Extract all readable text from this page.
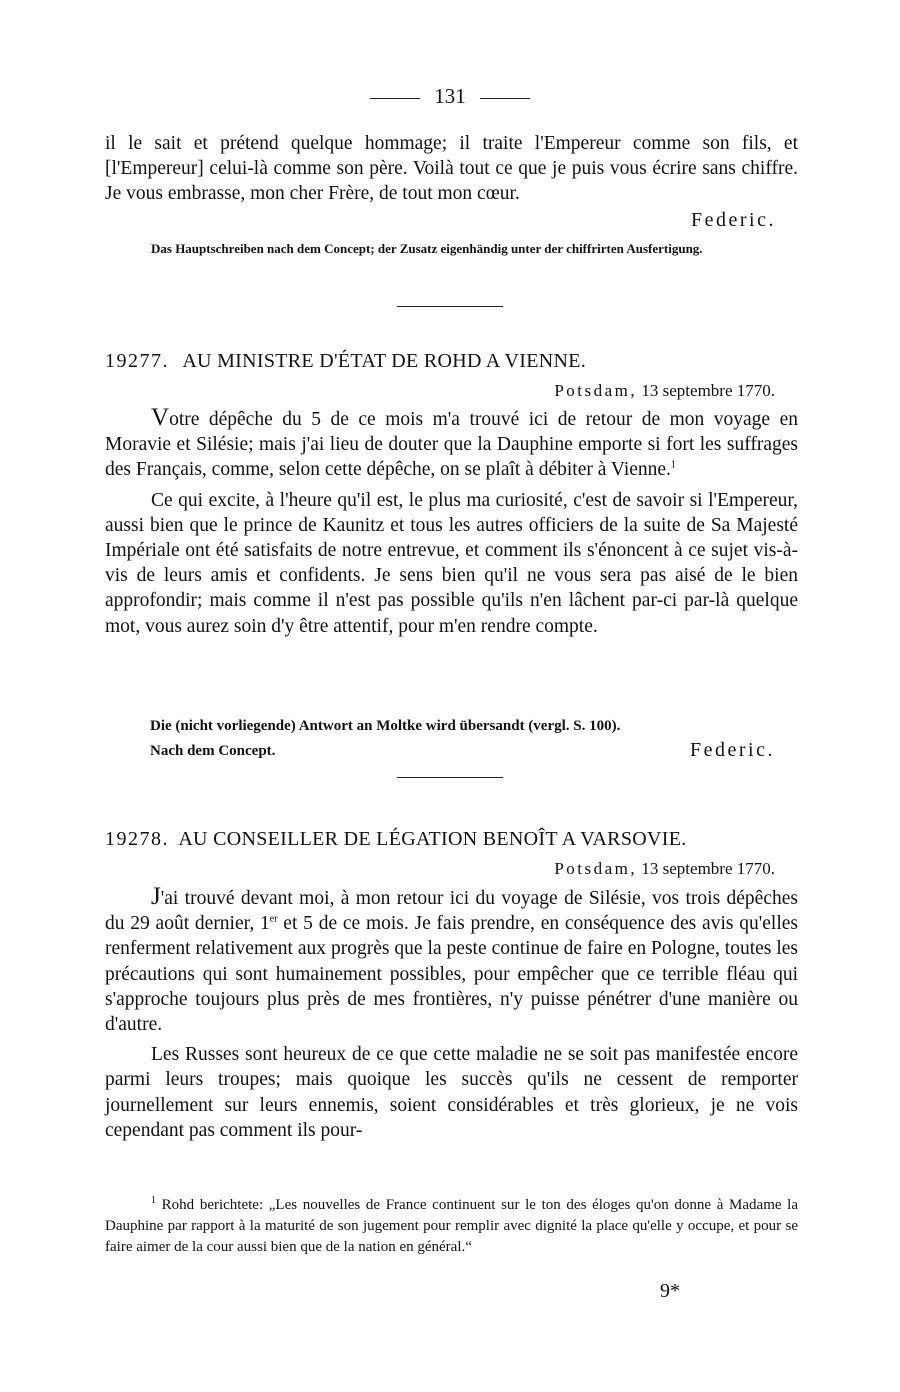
131

il le sait et prétend quelque hommage; il traite l'Empereur comme son fils, et [l'Empereur] celui-là comme son père. Voilà tout ce que je puis vous écrire sans chiffre. Je vous embrasse, mon cher Frère, de tout mon cœur.

Federic.

Das Hauptschreiben nach dem Concept; der Zusatz eigenhändig unter der chiffrirten Ausfertigung.

19277. AU MINISTRE D'ÉTAT DE ROHD A VIENNE.
Potsdam, 13 septembre 1770.

Votre dépêche du 5 de ce mois m'a trouvé ici de retour de mon voyage en Moravie et Silésie; mais j'ai lieu de douter que la Dauphine emporte si fort les suffrages des Français, comme, selon cette dépêche, on se plaît à débiter à Vienne.$^1$

Ce qui excite, à l'heure qu'il est, le plus ma curiosité, c'est de savoir si l'Empereur, aussi bien que le prince de Kaunitz et tous les autres officiers de la suite de Sa Majesté Impériale ont été satisfaits de notre entrevue, et comment ils s'énoncent à ce sujet vis-à-vis de leurs amis et confidents. Je sens bien qu'il ne vous sera pas aisé de le bien approfondir; mais comme il n'est pas possible qu'ils n'en lâchent par-ci par-là quelque mot, vous aurez soin d'y être attentif, pour m'en rendre compte.

Die (nicht vorliegende) Antwort an Moltke wird übersandt (vergl. S. 100).
Nach dem Concept.	Federic.
19278. AU CONSEILLER DE LÉGATION BENOÎT A VARSOVIE.
Potsdam, 13 septembre 1770.

J'ai trouvé devant moi, à mon retour ici du voyage de Silésie, vos trois dépêches du 29 août dernier, 1er et 5 de ce mois. Je fais prendre, en conséquence des avis qu'elles renferment relativement aux progrès que la peste continue de faire en Pologne, toutes les précautions qui sont humainement possibles, pour empêcher que ce terrible fléau qui s'approche toujours plus près de mes frontières, n'y puisse pénétrer d'une manière ou d'autre.

Les Russes sont heureux de ce que cette maladie ne se soit pas manifestée encore parmi leurs troupes; mais quoique les succès qu'ils ne cessent de remporter journellement sur leurs ennemis, soient considérables et très glorieux, je ne vois cependant pas comment ils pour-

$^1$ Rohd berichtete: „Les nouvelles de France continuent sur le ton des éloges qu'on donne à Madame la Dauphine par rapport à la maturité de son jugement pour remplir avec dignité la place qu'elle y occupe, et pour se faire aimer de la cour aussi bien que de la nation en général.“

9*
